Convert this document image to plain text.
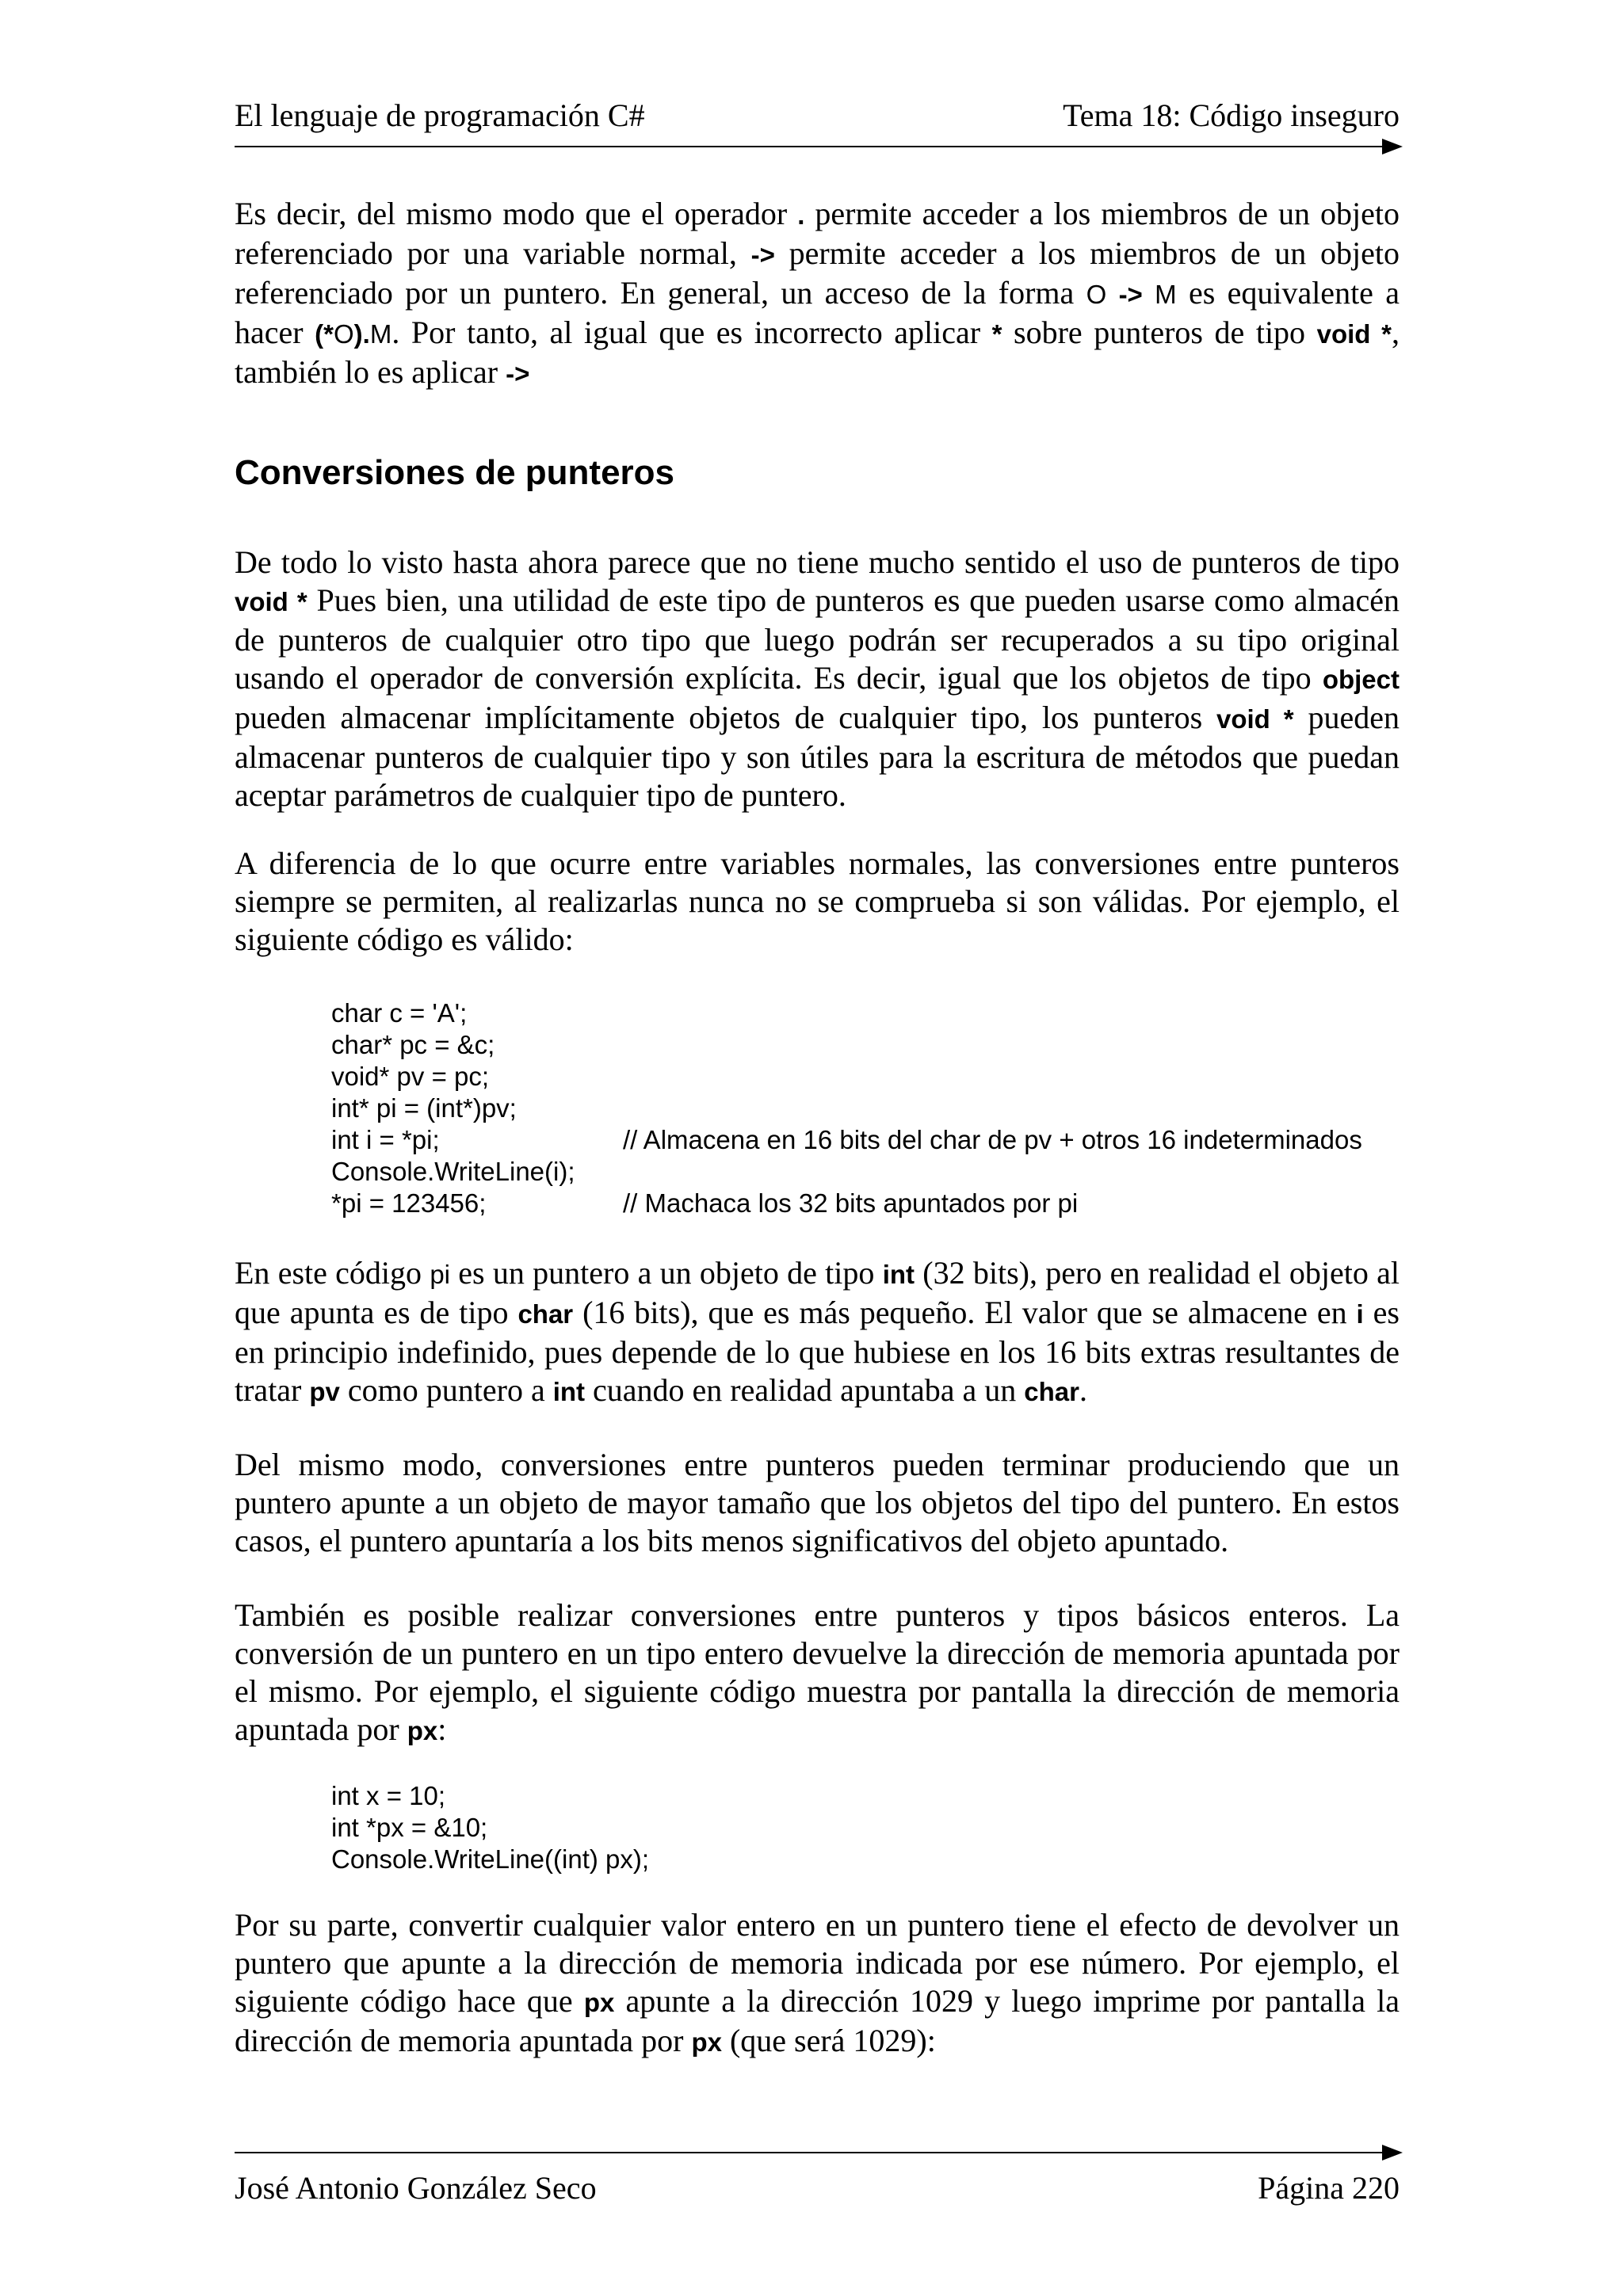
El lenguaje de programación C#	Tema 18: Código inseguro
Es decir, del mismo modo que el operador . permite acceder a los miembros de un objeto referenciado por una variable normal, -> permite acceder a los miembros de un objeto referenciado por un puntero. En general, un acceso de la forma O -> M es equivalente a hacer (*O).M. Por tanto, al igual que es incorrecto aplicar * sobre punteros de tipo void *, también lo es aplicar ->
Conversiones de punteros
De todo lo visto hasta ahora parece que no tiene mucho sentido el uso de punteros de tipo void * Pues bien, una utilidad de este tipo de punteros es que pueden usarse como almacén de punteros de cualquier otro tipo que luego podrán ser recuperados a su tipo original usando el operador de conversión explícita. Es decir, igual que los objetos de tipo object pueden almacenar implícitamente objetos de cualquier tipo, los punteros void * pueden almacenar punteros de cualquier tipo y son útiles para la escritura de métodos que puedan aceptar parámetros de cualquier tipo de puntero.
A diferencia de lo que ocurre entre variables normales, las conversiones entre punteros siempre se permiten, al realizarlas nunca no se comprueba si son válidas. Por ejemplo, el siguiente código es válido:
char c = 'A';
char* pc = &c;
void* pv = pc;
int* pi = (int*)pv;
int i = *pi;	// Almacena en 16 bits del char de pv + otros 16 indeterminados
Console.WriteLine(i);
*pi = 123456;	// Machaca los 32 bits apuntados por pi
En este código pi es un puntero a un objeto de tipo int (32 bits), pero en realidad el objeto al que apunta es de tipo char (16 bits), que es más pequeño. El valor que se almacene en i es en principio indefinido, pues depende de lo que hubiese en los 16 bits extras resultantes de tratar pv como puntero a int cuando en realidad apuntaba a un char.
Del mismo modo, conversiones entre punteros pueden terminar produciendo que un puntero apunte a un objeto de mayor tamaño que los objetos del tipo del puntero. En estos casos, el puntero apuntaría a los bits menos significativos del objeto apuntado.
También es posible realizar conversiones entre punteros y tipos básicos enteros. La conversión de un puntero en un tipo entero devuelve la dirección de memoria apuntada por el mismo. Por ejemplo, el siguiente código muestra por pantalla la dirección de memoria apuntada por px:
int x = 10;
int *px = &10;
Console.WriteLine((int) px);
Por su parte, convertir cualquier valor entero en un puntero tiene el efecto de devolver un puntero que apunte a la dirección de memoria indicada por ese número. Por ejemplo, el siguiente código hace que px apunte a la dirección 1029 y luego imprime por pantalla la dirección de memoria apuntada por px (que será 1029):
José Antonio González Seco	Página 220
